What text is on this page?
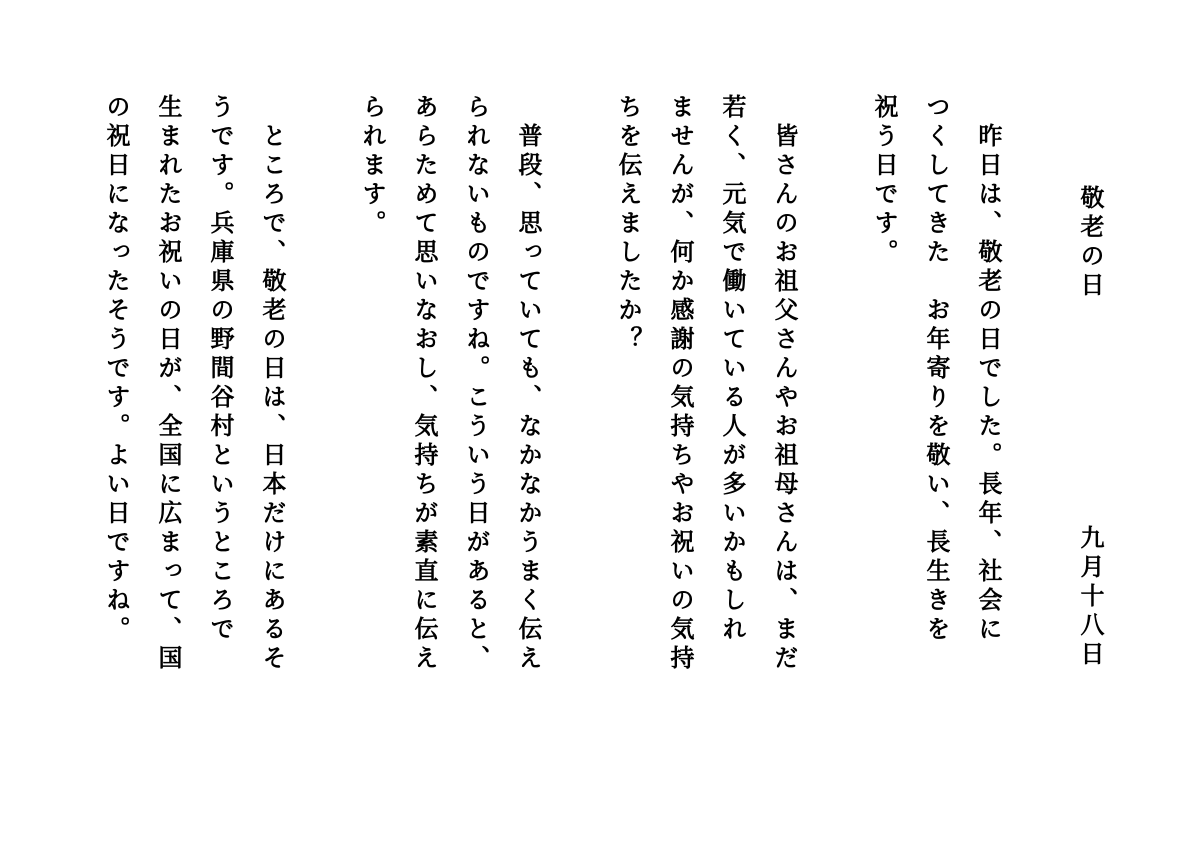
敬老の日
九月十八日
昨日は、敬老の日でした。長年、社会に
つくしてきた　お年寄りを敬い、長生きを
祝う日です。
皆さんのお祖父さんやお祖母さんは、まだ
若く、元気で働いている人が多いかもしれ
ませんが、何か感謝の気持ちやお祝いの気持
ちを伝えましたか？
普段、思っていても、なかなかうまく伝え
られないものですね。こういう日があると、
あらためて思いなおし、気持ちが素直に伝え
られます。
ところで、敬老の日は、日本だけにあるそ
うです。兵庫県の野間谷村というところで
生まれたお祝いの日が、全国に広まって、国
の祝日になったそうです。よい日ですね。
